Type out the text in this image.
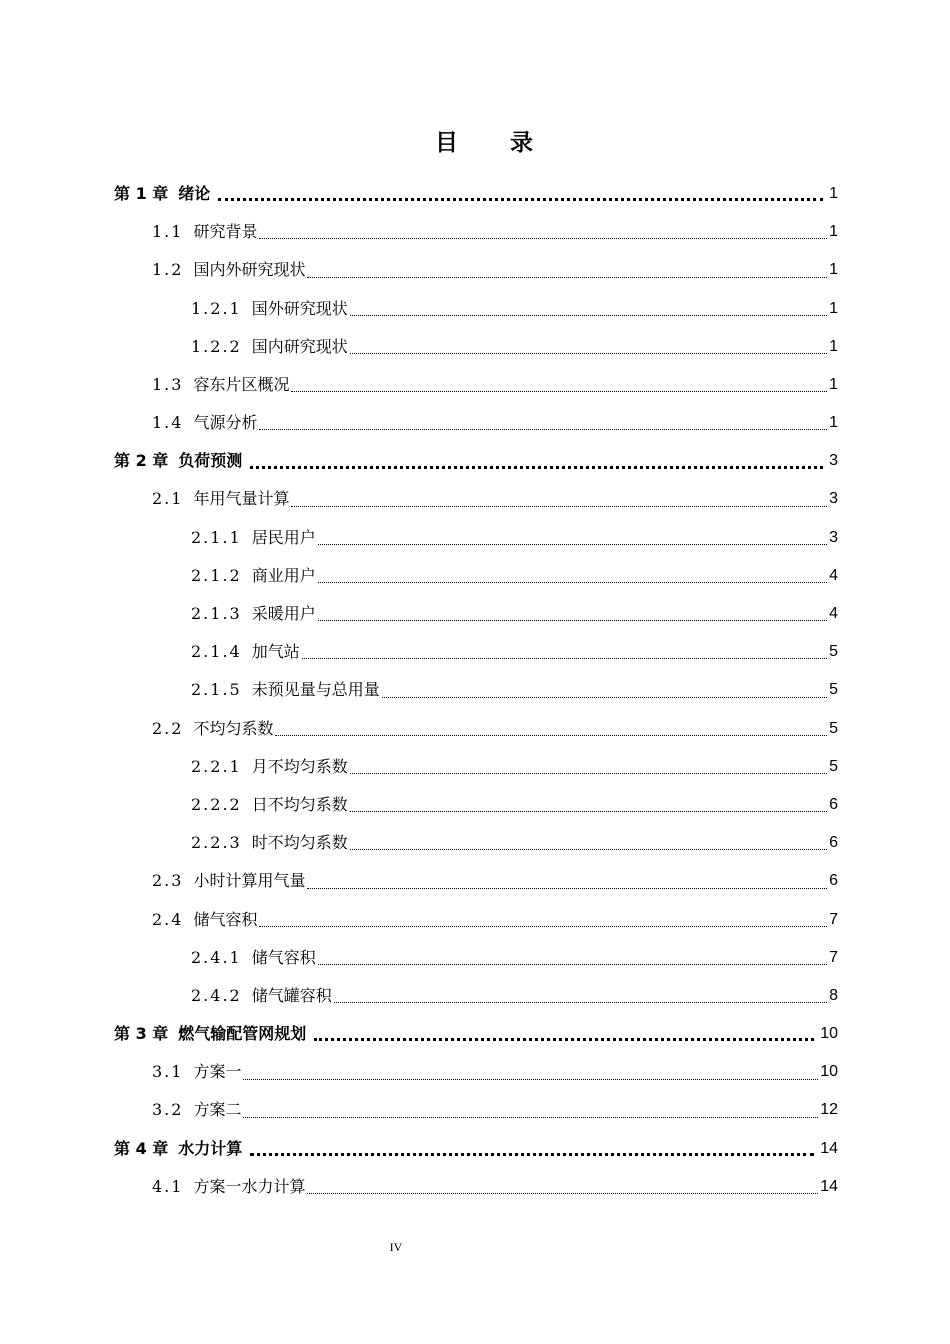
目 录
第 1 章 绪论	1
1.1 研究背景	1
1.2 国内外研究现状	1
1.2.1 国外研究现状	1
1.2.2 国内研究现状	1
1.3 容东片区概况	1
1.4 气源分析	1
第 2 章 负荷预测	3
2.1 年用气量计算	3
2.1.1 居民用户	3
2.1.2 商业用户	4
2.1.3 采暖用户	4
2.1.4 加气站	5
2.1.5 未预见量与总用量	5
2.2 不均匀系数	5
2.2.1 月不均匀系数	5
2.2.2 日不均匀系数	6
2.2.3 时不均匀系数	6
2.3 小时计算用气量	6
2.4 储气容积	7
2.4.1 储气容积	7
2.4.2 储气罐容积	8
第 3 章 燃气输配管网规划	10
3.1 方案一	10
3.2 方案二	12
第 4 章 水力计算	14
4.1 方案一水力计算	14
IV
